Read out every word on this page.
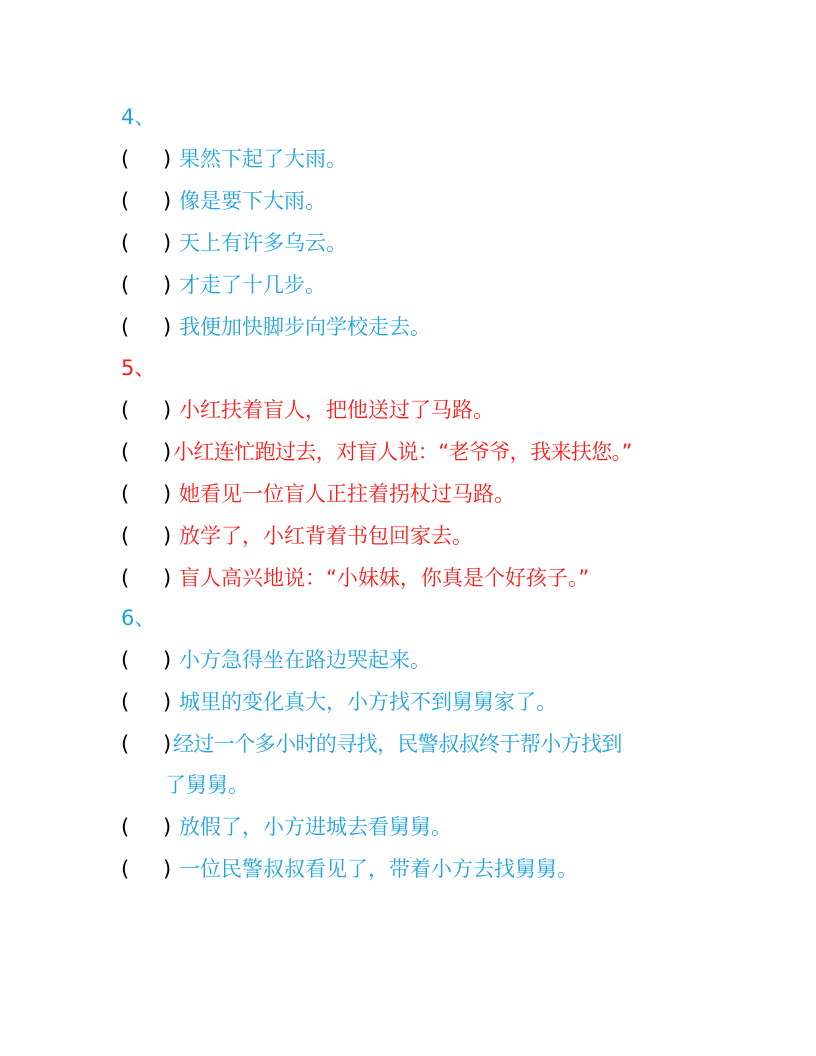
4、
( ) 果然下起了大雨。
( ) 像是要下大雨。
( ) 天上有许多乌云。
( ) 才走了十几步。
( ) 我便加快脚步向学校走去。
5、
( ) 小红扶着盲人，把他送过了马路。
( )小红连忙跑过去，对盲人说：“老爷爷，我来扶您。”
( ) 她看见一位盲人正拄着拐杖过马路。
( ) 放学了，小红背着书包回家去。
( ) 盲人高兴地说：“小妹妹，你真是个好孩子。”
6、
( ) 小方急得坐在路边哭起来。
( ) 城里的变化真大，小方找不到舅舅家了。
( )经过一个多小时的寻找，民警叔叔终于帮小方找到
了舅舅。
( ) 放假了，小方进城去看舅舅。
( ) 一位民警叔叔看见了，带着小方去找舅舅。
